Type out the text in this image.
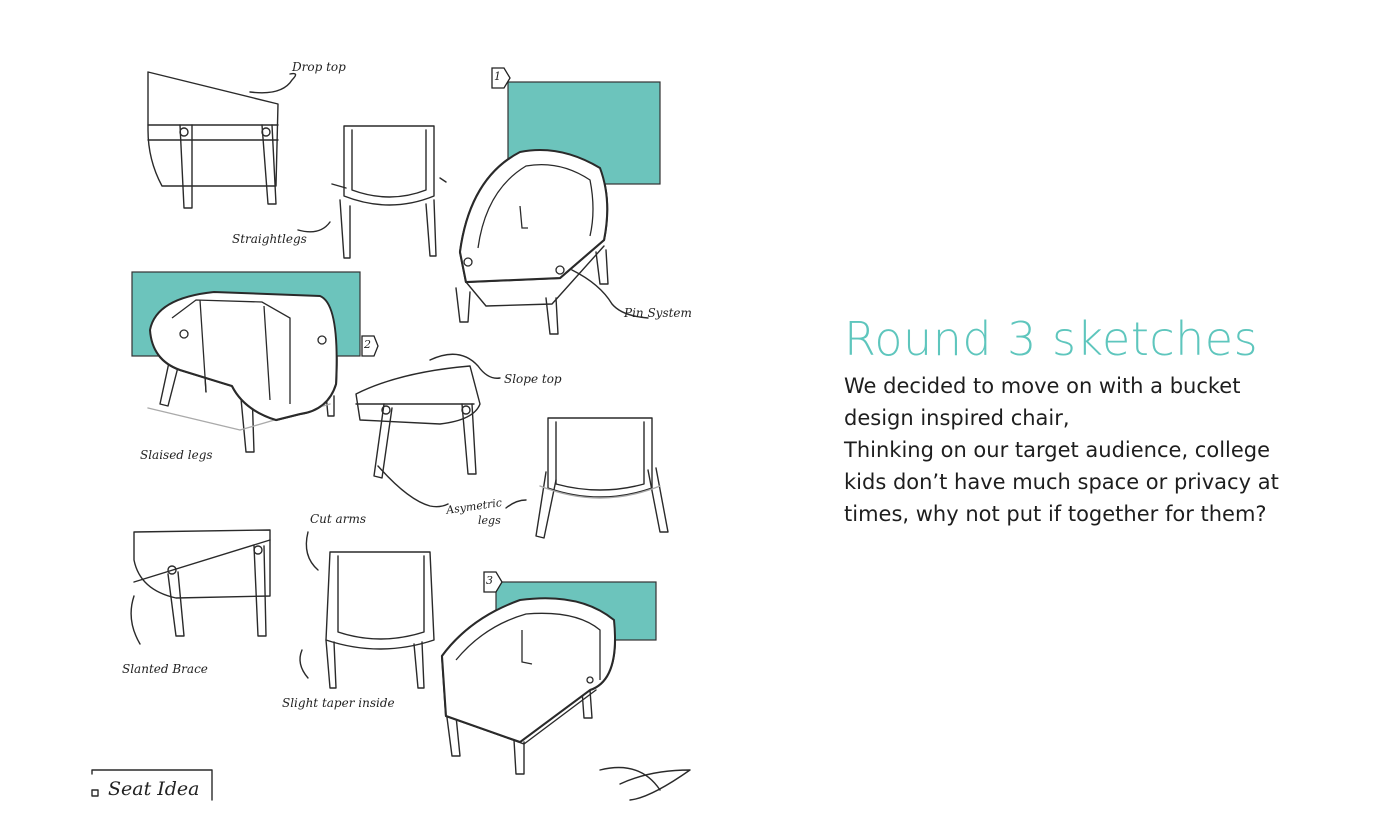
1
2
3
Drop top
Straightlegs
Pin System
Slaised legs
Slope top
Asymetric
legs
Cut arms
Slanted Brace
Slight taper inside
Seat Idea
Round 3 sketches

We decided to move on with a bucket
design inspired chair,
Thinking on our target audience, college
kids don’t have much space or privacy at
times, why not put if together for them?
